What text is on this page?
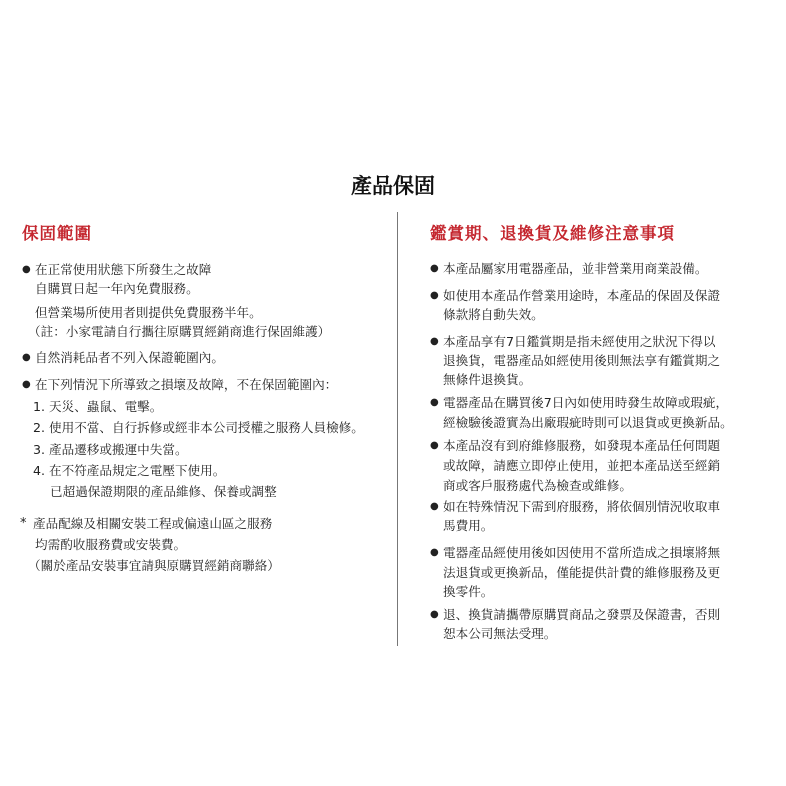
產品保固
保固範圍
● 在正常使用狀態下所發生之故障
自購買日起一年內免費服務。
但營業場所使用者則提供免費服務半年。
（註：小家電請自行攜往原購買經銷商進行保固維護）
● 自然消耗品者不列入保證範圍內。
● 在下列情況下所導致之損壞及故障，不在保固範圍內：
1. 天災、蟲鼠、電擊。
2. 使用不當、自行拆修或經非本公司授權之服務人員檢修。
3. 產品遷移或搬運中失當。
4. 在不符產品規定之電壓下使用。
已超過保證期限的產品維修、保養或調整
* 產品配線及相關安裝工程或偏遠山區之服務
均需酌收服務費或安裝費。
（關於產品安裝事宜請與原購買經銷商聯絡）
鑑賞期、退換貨及維修注意事項
● 本產品屬家用電器產品，並非營業用商業設備。
● 如使用本產品作營業用途時，本產品的保固及保證
條款將自動失效。
● 本產品享有7日鑑賞期是指未經使用之狀況下得以
退換貨，電器產品如經使用後則無法享有鑑賞期之
無條件退換貨。
● 電器產品在購買後7日內如使用時發生故障或瑕疵，
經檢驗後證實為出廠瑕疵時則可以退貨或更換新品。
● 本產品沒有到府維修服務，如發現本產品任何問題
或故障，請應立即停止使用，並把本產品送至經銷
商或客戶服務處代為檢查或維修。
● 如在特殊情況下需到府服務，將依個別情況收取車
馬費用。
● 電器產品經使用後如因使用不當所造成之損壞將無
法退貨或更換新品，僅能提供計費的維修服務及更
換零件。
● 退、換貨請攜帶原購買商品之發票及保證書，否則
恕本公司無法受理。
